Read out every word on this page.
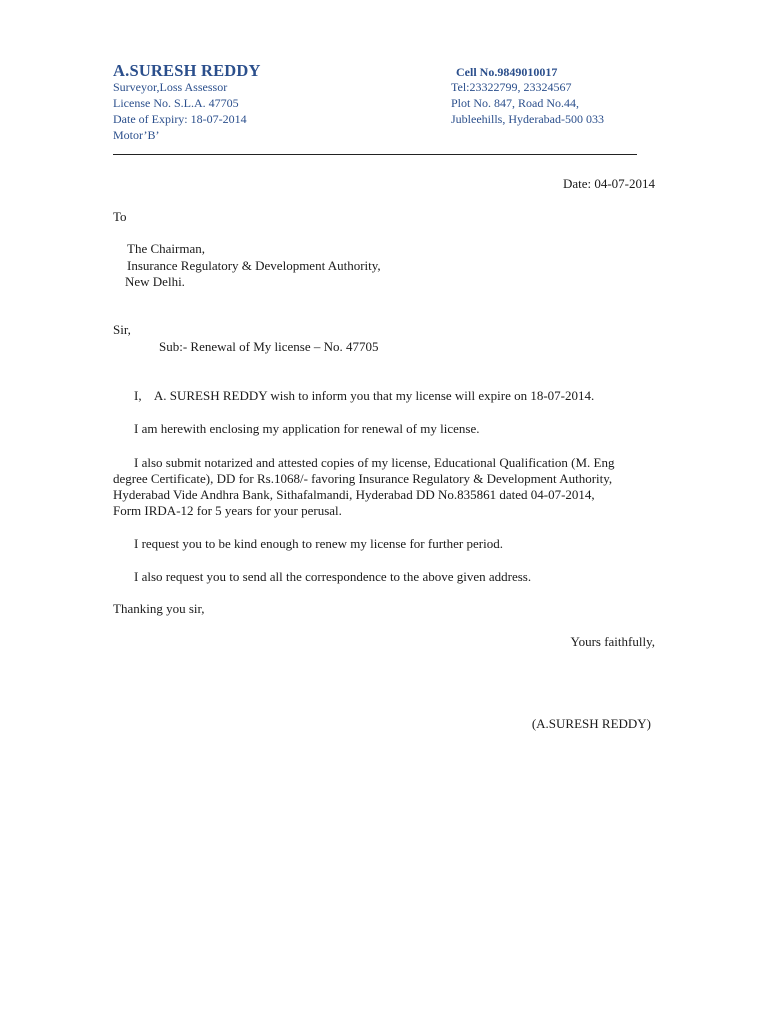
A.SURESH REDDY
Surveyor,Loss Assessor
License No. S.L.A. 47705
Date of Expiry: 18-07-2014
Motor’B’
Cell No.9849010017
Tel:23322799, 23324567
Plot No. 847, Road No.44,
Jubleehills, Hyderabad-500 033
Date: 04-07-2014
To
The Chairman,
Insurance Regulatory & Development Authority,
New Delhi.
Sir,
Sub:- Renewal of My license – No. 47705
I,    A. SURESH REDDY wish to inform you that my license will expire on 18-07-2014.
I am herewith enclosing my application for renewal of my license.
I also submit notarized and attested copies of my license, Educational Qualification (M. Eng
degree Certificate), DD for Rs.1068/- favoring Insurance Regulatory & Development Authority,
Hyderabad Vide Andhra Bank, Sithafalmandi, Hyderabad DD No.835861 dated 04-07-2014,
Form IRDA-12 for 5 years for your perusal.
I request you to be kind enough to renew my license for further period.
I also request you to send all the correspondence to the above given address.
Thanking you sir,
Yours faithfully,
(A.SURESH REDDY)
